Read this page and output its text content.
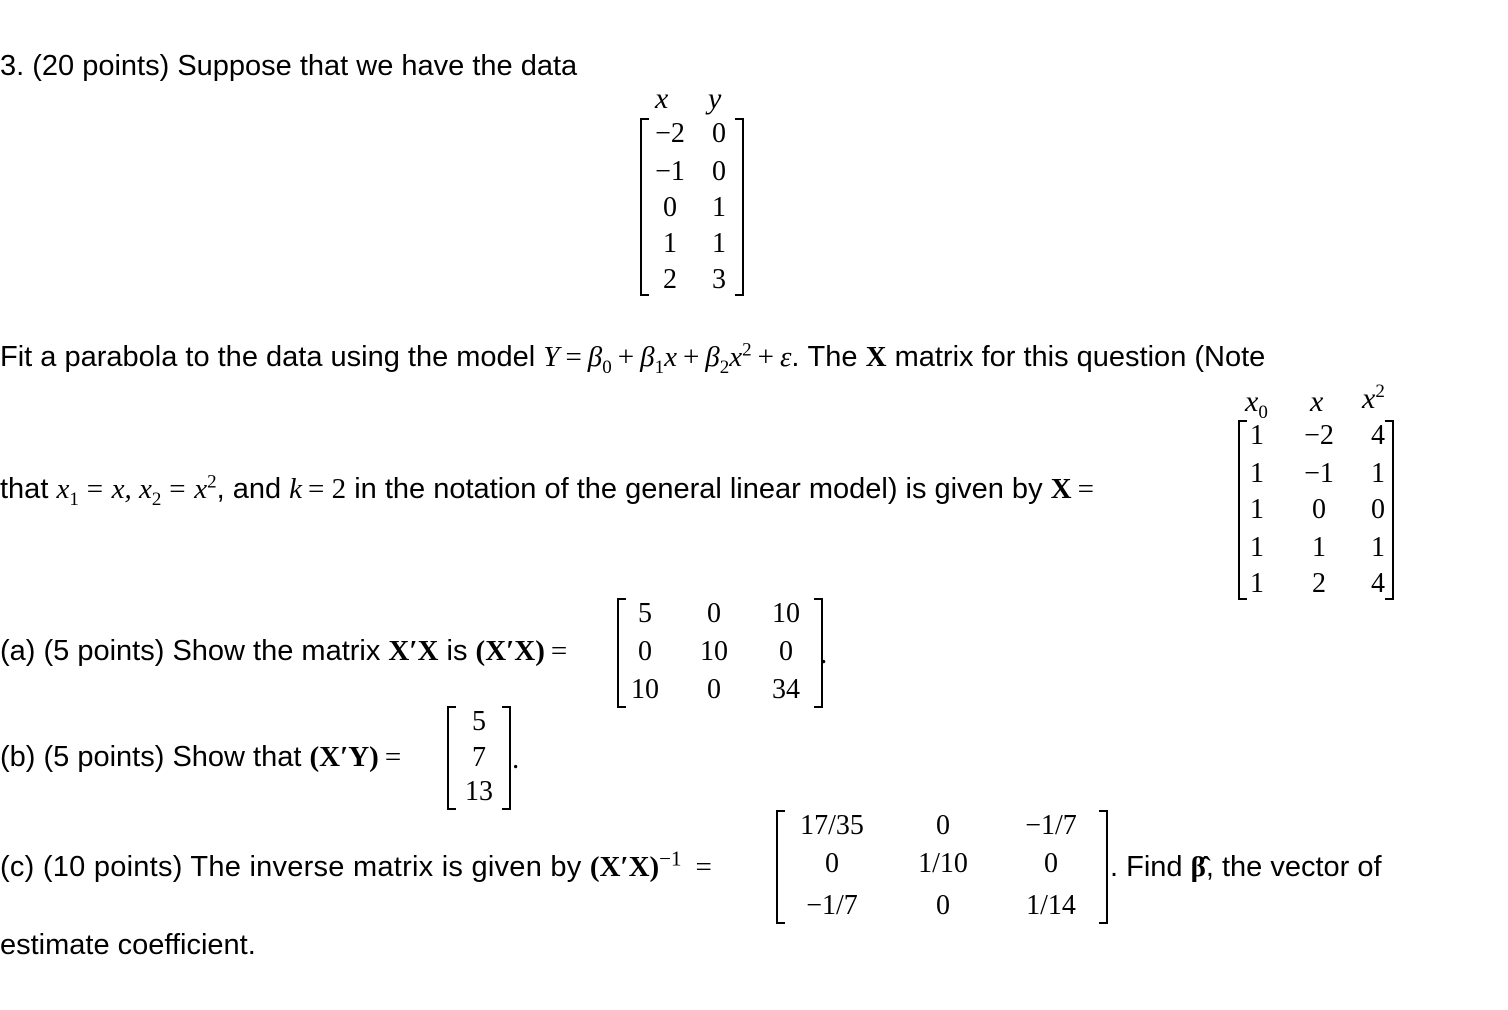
3. (20 points) Suppose that we have the data
x y
−2 0
−1 0
0	1
1	1
2	3
Fit a parabola to the data using the model $Y = \beta_0 + \beta_1x + \beta_2x^2 + \varepsilon$. The X matrix for this question (Note
$x_0$ x $x^2$
that $x_1 = x$, $x_2 = x^2$, and k = 2 in the notation of the general linear model) is given by X =
1	−2	4
1	−1	1
1	0	0
1	1	1
1	2	4
(a) (5 points) Show the matrix X′X is (X′X) =
5	0	10
0	10	0
10	0	34
.
(b) (5 points) Show that (X′Y) =
5
7
13
.
(c) (10 points) The inverse matrix is given by $(X'X)^{-1}$ =
17/35	0	−1/7
0	1/10	0
−1/7	0	1/14
. Find β̂, the vector of
estimate coefficient.
